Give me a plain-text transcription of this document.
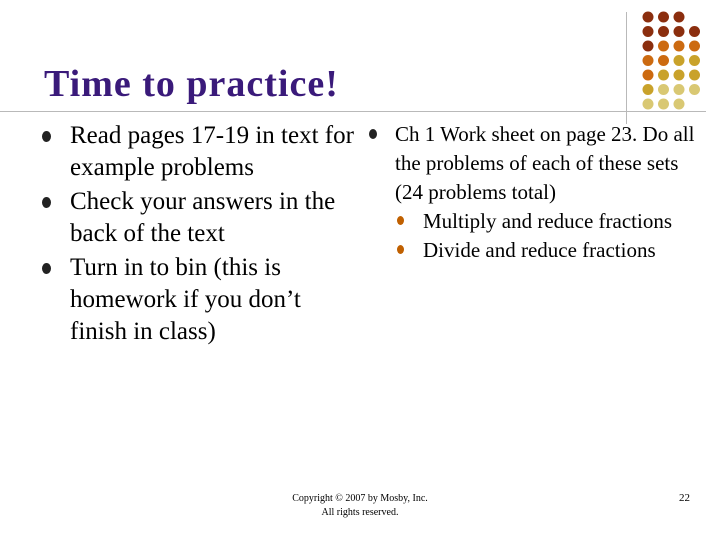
Time to practice!
Read pages 17-19 in text for example problems
Check your answers in the back of the text
Turn in to bin (this is homework if you don’t finish in class)
Ch 1 Work sheet on page 23. Do all the problems of each of these sets (24 problems total)
Multiply and reduce fractions
Divide and reduce fractions
Copyright © 2007 by Mosby, Inc.
All rights reserved.
22
